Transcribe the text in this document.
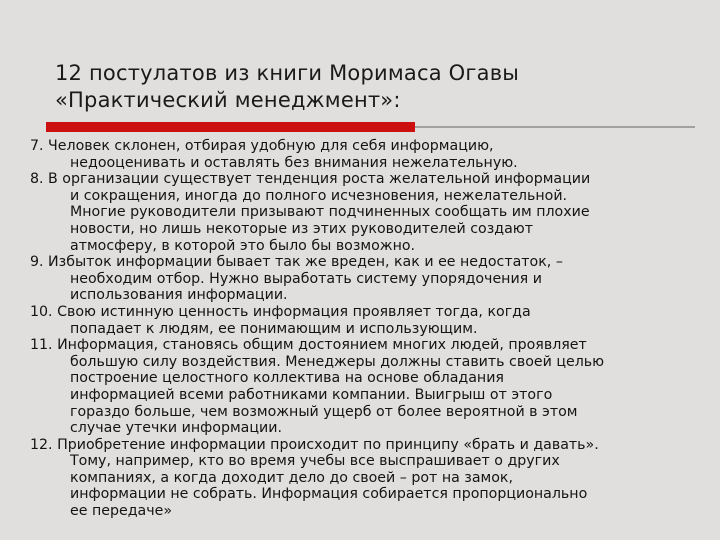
12 постулатов из книги Моримаса Огавы
«Практический менеджмент»:
7. Человек склонен, отбирая удобную для себя информацию,
недооценивать и оставлять без внимания нежелательную.
8. В организации существует тенденция роста желательной информации
и сокращения, иногда до полного исчезновения, нежелательной.
Многие руководители призывают подчиненных сообщать им плохие
новости, но лишь некоторые из этих руководителей создают
атмосферу, в которой это было бы возможно.
9. Избыток информации бывает так же вреден, как и ее недостаток, –
необходим отбор. Нужно выработать систему упорядочения и
использования информации.
10. Свою истинную ценность информация проявляет тогда, когда
попадает к людям, ее понимающим и использующим.
11. Информация, становясь общим достоянием многих людей, проявляет
большую силу воздействия. Менеджеры должны ставить своей целью
построение целостного коллектива на основе обладания
информацией всеми работниками компании. Выигрыш от этого
гораздо больше, чем возможный ущерб от более вероятной в этом
случае утечки информации.
12. Приобретение информации происходит по принципу «брать и давать».
Тому, например, кто во время учебы все выспрашивает о других
компаниях, а когда доходит дело до своей – рот на замок,
информации не собрать. Информация собирается пропорционально
ее передаче»
